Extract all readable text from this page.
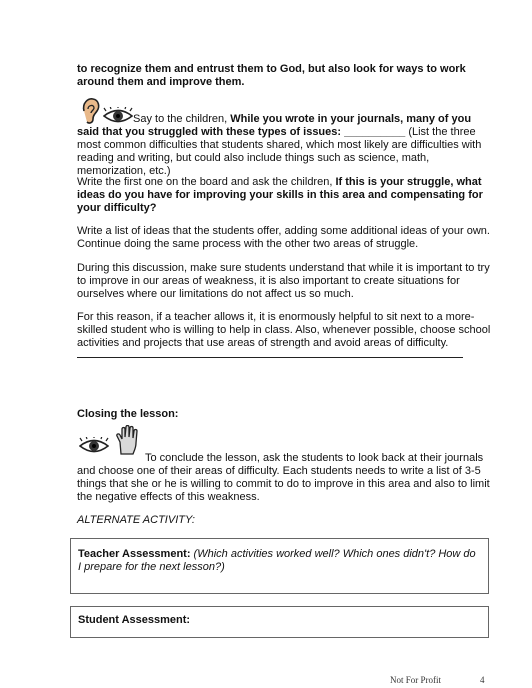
to recognize them and entrust them to God, but also look for ways to work around them and improve them.

Say to the children, While you wrote in your journals, many of you said that you struggled with these types of issues: __________ (List the three most common difficulties that students shared, which most likely are difficulties with reading and writing, but could also include things such as science, math, memorization, etc.)

Write the first one on the board and ask the children, If this is your struggle, what ideas do you have for improving your skills in this area and compensating for your difficulty?

Write a list of ideas that the students offer, adding some additional ideas of your own. Continue doing the same process with the other two areas of struggle.

During this discussion, make sure students understand that while it is important to try to improve in our areas of weakness, it is also important to create situations for ourselves where our limitations do not affect us so much.

For this reason, if a teacher allows it, it is enormously helpful to sit next to a more-skilled student who is willing to help in class. Also, whenever possible, choose school activities and projects that use areas of strength and avoid areas of difficulty.

Closing the lesson:

To conclude the lesson, ask the students to look back at their journals and choose one of their areas of difficulty. Each students needs to write a list of 3-5 things that she or he is willing to commit to do to improve in this area and also to limit the negative effects of this weakness.

ALTERNATE ACTIVITY:

Teacher Assessment: (Which activities worked well? Which ones didn't? How do I prepare for the next lesson?)

Student Assessment:

Not For Profit	4
